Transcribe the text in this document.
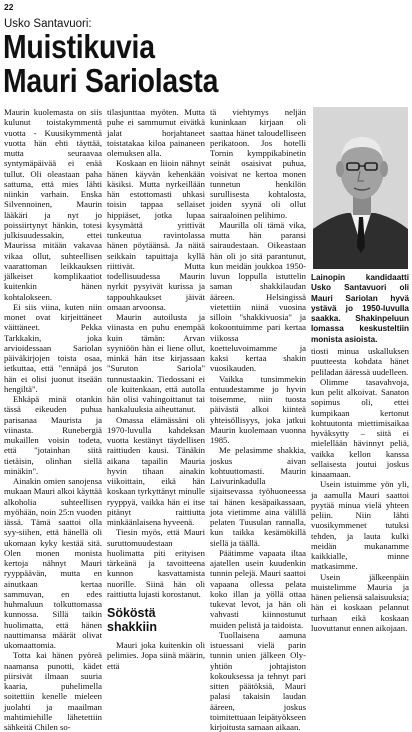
22
Usko Santavuori:
Muistikuvia
Mauri Sariolasta

Maurin kuolemasta on siis kulunut toistakymmentä vuotta - Kuusikymmentä vuotta hän ehti täyttää, mutta seuraavaa syntymäpäivää ei enää tullut. Oli oleastaan paha sattuma, että mies lähti niinkin varhain. Enska Silvennoinen, Maurin lääkäri ja nyt jo poissiirtynyt hänkin, totesi julkisuudessakin, ettei Maurissa mitään vakavaa vikaa ollut, suhteellisen vaarattoman leikkauksen jälkeiset komplikaatiot kuitenkin hänen kohtalokseen.

Ei siis viina, kuten niin monet ovat kirjeittäneet väittäneet. Pekka Tarkkakin, joka arvioidessaan Sariolan päiväkirjojen toista osaa, ietkuttaa, että "ennäpä jos hän ei olisi juonut itseään hengiltä".

Ehkäpä minä otankin tässä eikeuden puhua parisanaa Maurista ja viinasta. Runebergiä mukaillen voisin todeta, että "jotainhan siitä tietäisin, olinhan siellä minäkin".

Ainakin omien sanojensa mukaan Mauri alkoi käyttää alkoholia suhteellisen myöhään, noin 25:n vuoden iässä. Tämä saattoi olla syy-siihen, että hänellä oli ukomaan kyky kestää sitä. Olen monen monista kertoja nähnyt Mauri ryyppäävän, mutta en ainutkaan kertaa sammuvan, en edes huhmaluun tolkuttomassa kunnossa. Sillä taikin huolimatta, että hänen nauttimansa määrät olivat ukomaattomia.

Totta kai hänen pyöreä naamansa punotti, kädet piirsivät ilmaan suuria kaaria, puhelimella soitettiin kenelle mieleen juolahti ja maailman mahtimiehille lähetettiin sähkeitä Chilen so-

tilasjunttaa myöten. Mutta puhe ei sammumut eivätkä jalat horjahtaneet toistatakaa kiloa painaneen olemuksen alla.

Koskaan en liioin nähnyt hänen käyvän kehenkään käsiksi. Mutta nyrkeillään hän estottomasti uhkasi toisin tappaa sellaiset hippiäset, jotka lupaa kysymättä yrittivät tunkeutua ravintolassa hänen pöytäänsä. Ja näitä seikkain tapuittaja kyllä riittivät. Mutta todellisuudessa Maurin nyrkit pysyivät kurissa ja tappouhkaukset jäivät omaan arvoonsa.

Maurin autoilusta ja viinasta en puhu enempää kuin tämän: Arvan syyniöön hän ei liene ollut, minkä hän itse kirjassaan "Suruton Sariola" tunnustaakin. Tiedossani ei ole kuitenkaan, että autolla hän olisi vahingoittanut tai hankaluuksia aiheuttanut.

Omassa elämässäni oli 1970-luvulla kahdeksan vuotta kestänyt täydellisen raittiuden kausi. Tänäkin aikana tapailin Mauria hyvin tihaan ainakin viikoittain, eikä hän koskaan tyrkyttänyt minulle ryyppyä, vaikka hän ei itse pitänyt raittiutta minkäänlaisena hyveenä.

Tiesin myös, että Mauri suruttomuudestaan huolimatta piti erityisen tärkeänä ja tavoitteena kunnon kasvattamista nuorille. Siinä hän oli raittiutta lujasti korostanut.

Sököstä shakkiin

Mauri joka kuitenkin oli pelimies. Jopa siinä määrin, että

tä viehtymys neljän kuninkaan kirjaan oli saattaa hänet taloudelliseen perikatoon. Jos hotelli Tornin kymppikabinetin seinät osaisivat puhua, voisivat ne kertoa monen tunnetun henkilön surullisesta kohtalosta, joiden syynä oli ollut sairaaloinen pelihimo.

Maurilla oli tämä vika, mutta hän paransi sairaudestaan. Oikeastaan hän oli jo sitä parantunut, kun meidän joukkoa 1950-luvun loppulla istuttelin saman shakkilaudan ääreen. Helsingissä vietettiin niinä vuosina silloin "shakkivuosia" ja kokoontuimme pari kertaa viikossa koetteluvoimamme ja kaksi kertaa shakin vuosikauden.

Vaikka tunsimmekin entuudestamme jo hyvin toisemme, niin tuosta päivästä alkoi kiinteä yhteisöllisyys, joka jatkui Maurin kuolemaan vuonna 1985.

Me pelasimme shakkia, joskus aivan kohtuuttomasti. Maurin Laivurinkadulla sijaitsevassa työhuoneessa tai hänen kesäpaikassaan, jota vietimme aina välillä pelaten Tuusulan rannalla, kun taikka kesämökillä siellä ja täällä.

Päätimme vapaata iltaa ajatellen usein kuudenkin tunnin pelejä. Mauri saattoi vapaana ollessa pelata koko illan ja yöllä ottaa tukevat levot, ja hän oli vahvasti kiinnostunut muiden pelistä ja taidoista.

Tuollaisena aamuna istuessani vielä parin tunnin unien jälkeen Oly-yhtiön johtajiston kokouksessa ja tehnyt pari sitten päätöksiä, Mauri palasi takaisin laudan ääreen, joskus toimitettuaan leipätyökseen kirjoitusta samaan aikaan.

Lainopin kandidaatti Usko Santavuori oli Mauri Sariolan hyvä ystävä jo 1950-luvulla saakka. Shakinpeluun lomassa keskusteltiin monista asioista.

tiosti minua uskalluksen puutteesta kohdata hänet peliladan ääressä uudelleen.

Olimme tasavahvoja, kun pelit alkoivat. Sanaton sopimus oli, ettei kumpikaan kertonut kohtuutonta miettimisaikaa hyväksytty – siitä ei mielellään hävinnyt peliä, vaikka kellon kanssa sellaisesta joutui joskus kinaamaan.

Usein istuimme yön yli, ja aamulla Mauri saattoi pyytää minua vielä yhteen peliin. Niin lähti vuosikymmenet tutuksi tehden, ja lauta kulki meidän mukanamme kaikkialle, minne matkasimme.

Usein jälkeenpäin muistelimme Mauria ja hänen peliensä salaisuuksia; hän ei koskaan pelannut turhaan eikä koskaan luovuttanut ennen aikojaan.
